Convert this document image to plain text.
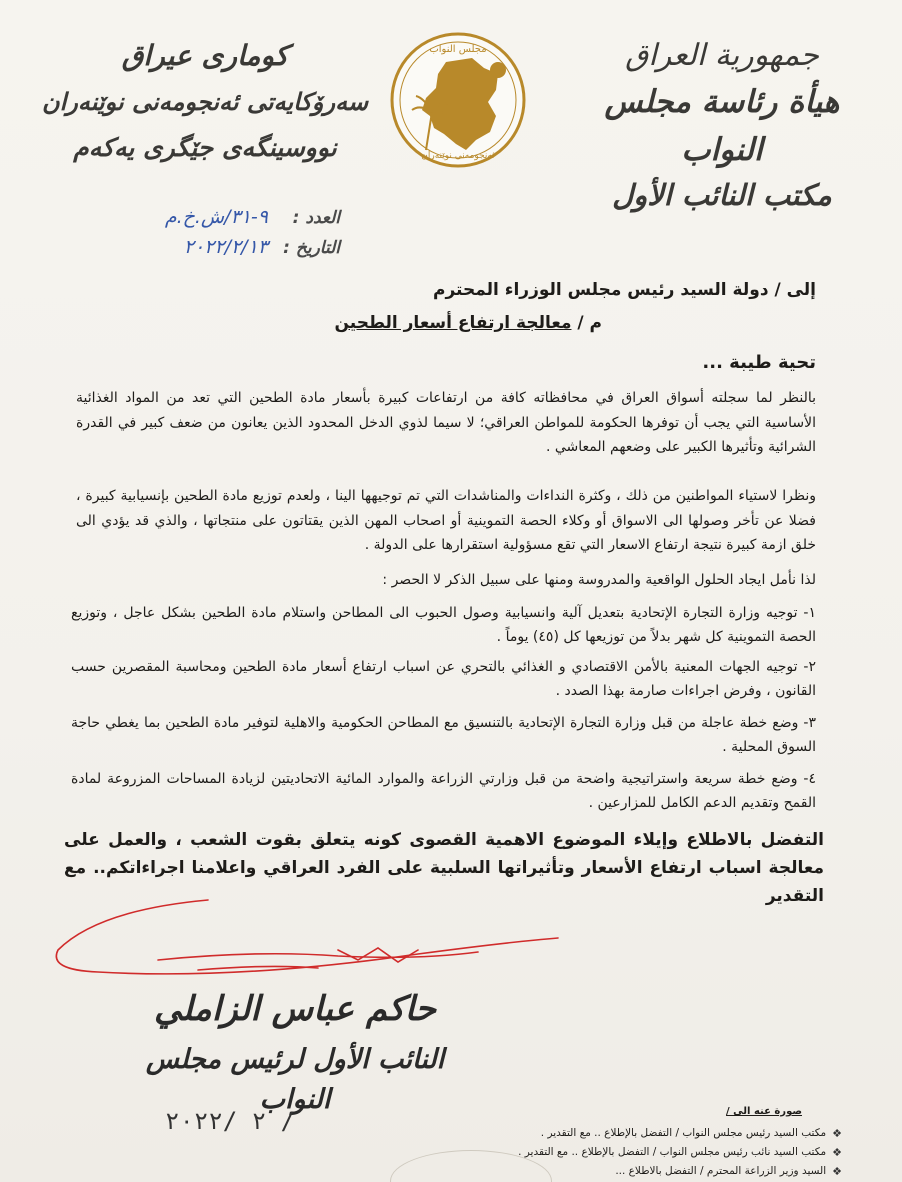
جمهورية العراق
هيأة رئاسة مجلس النواب
مكتب النائب الأول
كوماری عیراق
سەرۆکایەتی ئەنجومەنی نوێنەران
نووسینگەی جێگری یەکەم
مجلس النواب
ئەنجومەنی نوێنەران
العدد :
م.خ.ش/٣١-٩
التاريخ :
٢٠٢٢/٢/١٣
إلى / دولة السيد رئيس مجلس الوزراء المحترم
م / معالجة ارتفاع أسعار الطحين
تحية طيبة ...
بالنظر لما سجلته أسواق العراق في محافظاته كافة من ارتفاعات كبيرة بأسعار مادة الطحين التي تعد من المواد الغذائية الأساسية التي يجب أن توفرها الحكومة للمواطن العراقي؛ لا سيما لذوي الدخل المحدود الذين يعانون من ضعف كبير في القدرة الشرائية وتأثيرها الكبير على وضعهم المعاشي .
ونظرا لاستياء المواطنين من ذلك ، وكثرة النداءات والمناشدات التي تم توجيهها الينا ، ولعدم توزيع مادة الطحين بإنسيابية كبيرة ، فضلا عن تأخر وصولها الى الاسواق أو وكلاء الحصة التموينية أو اصحاب المهن الذين يقتاتون على منتجاتها ، والذي قد يؤدي الى خلق ازمة كبيرة نتيجة ارتفاع الاسعار التي تقع مسؤولية استقرارها على الدولة .
لذا نأمل ايجاد الحلول الواقعية والمدروسة ومنها على سبيل الذكر لا الحصر :
١- توجيه وزارة التجارة الإتحادية بتعديل آلية وانسيابية وصول الحبوب الى المطاحن واستلام مادة الطحين بشكل عاجل ، وتوزيع الحصة التموينية كل شهر بدلاً من توزيعها كل (٤٥) يوماً .
٢- توجيه الجهات المعنية بالأمن الاقتصادي و الغذائي بالتحري عن اسباب ارتفاع أسعار مادة الطحين ومحاسبة المقصرين حسب القانون ، وفرض اجراءات صارمة بهذا الصدد .
٣- وضع خطة عاجلة من قبل وزارة التجارة الإتحادية بالتنسيق مع المطاحن الحكومية والاهلية لتوفير مادة الطحين بما يغطي حاجة السوق المحلية .
٤- وضع خطة سريعة واستراتيجية واضحة من قبل وزارتي الزراعة والموارد المائية الاتحاديتين لزيادة المساحات المزروعة لمادة القمح وتقديم الدعم الكامل للمزارعين .
التفضل بالاطلاع وإيلاء الموضوع الاهمية القصوى كونه يتعلق بقوت الشعب ، والعمل على معالجة اسباب ارتفاع الأسعار وتأثيراتها السلبية على الفرد العراقي واعلامنا اجراءاتكم.. مع التقدير
حاكم عباس الزاملي
النائب الأول لرئيس مجلس النواب
٢٠٢٢/ ٢ /	صورة عنه الى /
❖
مكتب السيد رئيس مجلس النواب / التفضل بالإطلاع .. مع التقدير .
❖
مكتب السيد نائب رئيس مجلس النواب / التفضل بالإطلاع .. مع التقدير .
❖
السيد وزير الزراعة المحترم / التفضل بالاطلاع ...
